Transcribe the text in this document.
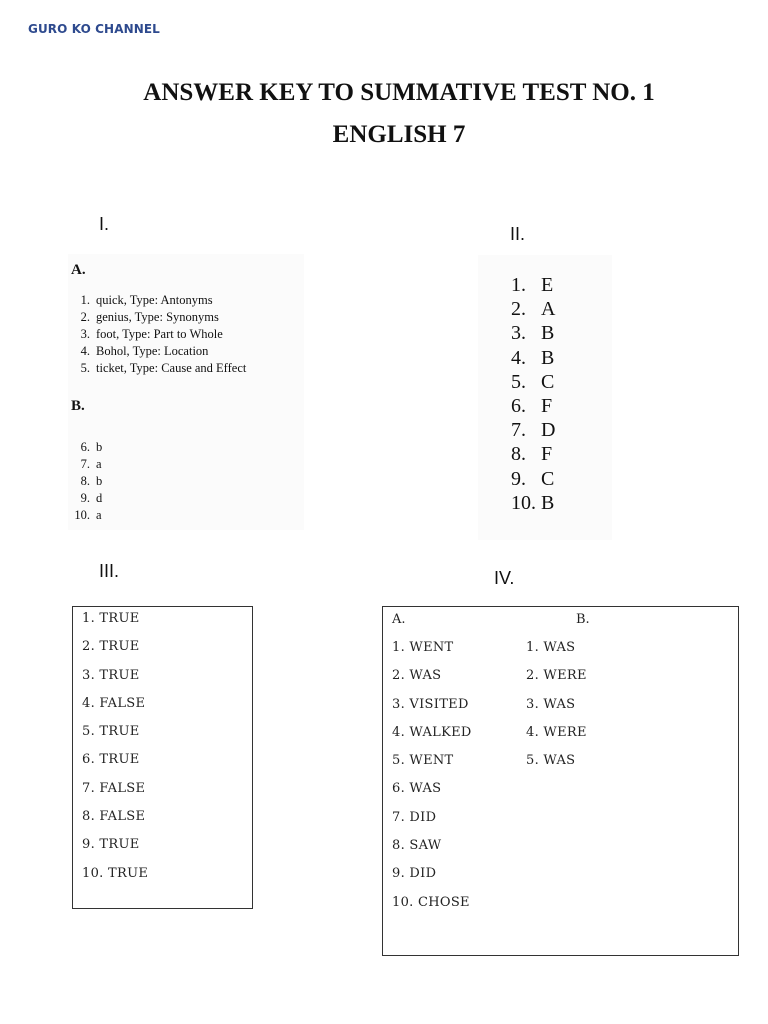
GURO KO CHANNEL
ANSWER KEY TO SUMMATIVE TEST NO. 1
ENGLISH 7
I.
A.
1. quick, Type: Antonyms
2. genius, Type: Synonyms
3. foot, Type: Part to Whole
4. Bohol, Type: Location
5. ticket, Type: Cause and Effect
B.
6. b
7. a
8. b
9. d
10. a
II.
1. E
2. A
3. B
4. B
5. C
6. F
7. D
8. F
9. C
10. B
III.
1. TRUE
2. TRUE
3. TRUE
4. FALSE
5. TRUE
6. TRUE
7. FALSE
8. FALSE
9. TRUE
10. TRUE
IV.
A.	B.
1. WENT
2. WAS
3. VISITED
4. WALKED
5. WENT
6. WAS
7. DID
8. SAW
9. DID
10. CHOSE
1. WAS
2. WERE
3. WAS
4. WERE
5. WAS
